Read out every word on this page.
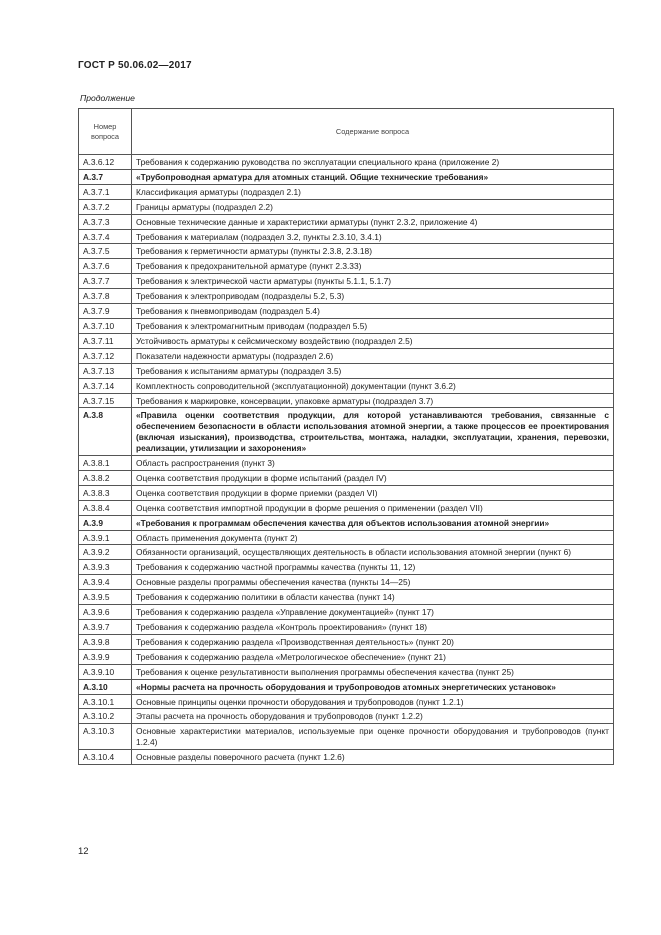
ГОСТ Р 50.06.02—2017
Продолжение
Номер вопроса	Содержание вопроса
А.3.6.12	Требования к содержанию руководства по эксплуатации специального крана (приложение 2)
А.3.7	«Трубопроводная арматура для атомных станций. Общие технические требования»
А.3.7.1	Классификация арматуры (подраздел 2.1)
А.3.7.2	Границы арматуры (подраздел 2.2)
А.3.7.3	Основные технические данные и характеристики арматуры (пункт 2.3.2, приложение 4)
А.3.7.4	Требования к материалам (подраздел 3.2, пункты 2.3.10, 3.4.1)
А.3.7.5	Требования к герметичности арматуры (пункты 2.3.8, 2.3.18)
А.3.7.6	Требования к предохранительной арматуре (пункт 2.3.33)
А.3.7.7	Требования к электрической части арматуры (пункты 5.1.1, 5.1.7)
А.3.7.8	Требования к электроприводам (подразделы 5.2, 5.3)
А.3.7.9	Требования к пневмоприводам (подраздел 5.4)
А.3.7.10	Требования к электромагнитным приводам (подраздел 5.5)
А.3.7.11	Устойчивость арматуры к сейсмическому воздействию (подраздел 2.5)
А.3.7.12	Показатели надежности арматуры (подраздел 2.6)
А.3.7.13	Требования к испытаниям арматуры (подраздел 3.5)
А.3.7.14	Комплектность сопроводительной (эксплуатационной) документации (пункт 3.6.2)
А.3.7.15	Требования к маркировке, консервации, упаковке арматуры (подраздел 3.7)
А.3.8	«Правила оценки соответствия продукции, для которой устанавливаются требования, связанные с обеспечением безопасности в области использования атомной энергии, а также процессов ее проектирования (включая изыскания), производства, строительства, монтажа, наладки, эксплуатации, хранения, перевозки, реализации, утилизации и захоронения»
А.3.8.1	Область распространения (пункт 3)
А.3.8.2	Оценка соответствия продукции в форме испытаний (раздел IV)
А.3.8.3	Оценка соответствия продукции в форме приемки (раздел VI)
А.3.8.4	Оценка соответствия импортной продукции в форме решения о применении (раздел VII)
А.3.9	«Требования к программам обеспечения качества для объектов использования атомной энергии»
А.3.9.1	Область применения документа (пункт 2)
А.3.9.2	Обязанности организаций, осуществляющих деятельность в области использования атомной энергии (пункт 6)
А.3.9.3	Требования к содержанию частной программы качества (пункты 11, 12)
А.3.9.4	Основные разделы программы обеспечения качества (пункты 14—25)
А.3.9.5	Требования к содержанию политики в области качества (пункт 14)
А.3.9.6	Требования к содержанию раздела «Управление документацией» (пункт 17)
А.3.9.7	Требования к содержанию раздела «Контроль проектирования» (пункт 18)
А.3.9.8	Требования к содержанию раздела «Производственная деятельность» (пункт 20)
А.3.9.9	Требования к содержанию раздела «Метрологическое обеспечение» (пункт 21)
А.3.9.10	Требования к оценке результативности выполнения программы обеспечения качества (пункт 25)
А.3.10	«Нормы расчета на прочность оборудования и трубопроводов атомных энергетических установок»
А.3.10.1	Основные принципы оценки прочности оборудования и трубопроводов (пункт 1.2.1)
А.3.10.2	Этапы расчета на прочность оборудования и трубопроводов (пункт 1.2.2)
А.3.10.3	Основные характеристики материалов, используемые при оценке прочности оборудования и трубопроводов (пункт 1.2.4)
А.3.10.4	Основные разделы поверочного расчета (пункт 1.2.6)
12
